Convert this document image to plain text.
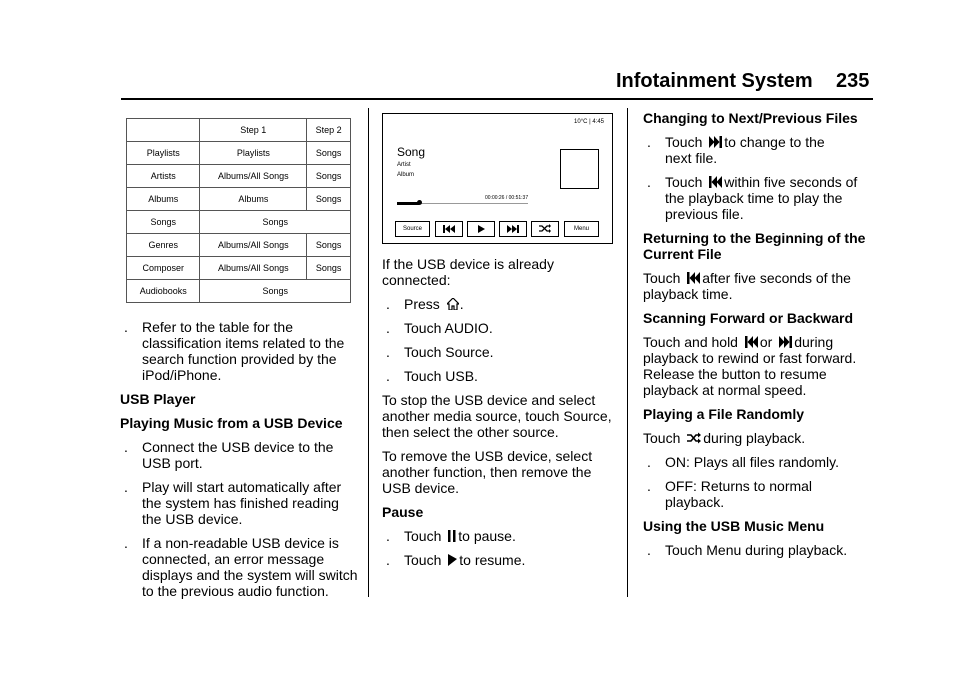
Infotainment System 235
	Step 1	Step 2
Playlists	Playlists	Songs
Artists	Albums/All Songs	Songs
Albums	Albums	Songs
Songs	Songs	
Genres	Albums/All Songs	Songs
Composer	Albums/All Songs	Songs
Audiobooks	Songs	
. Refer to the table for the classification items related to the search function provided by the iPod/iPhone.
USB Player
Playing Music from a USB Device
. Connect the USB device to the USB port.
. Play will start automatically after the system has finished reading the USB device.
. If a non-readable USB device is connected, an error message displays and the system will switch to the previous audio function.
10°C | 4:45
Song
Artist
Album
00:00:26 / 00:51:37
Source	Menu
If the USB device is already connected:
. Press .
. Touch AUDIO.
. Touch Source.
. Touch USB.
To stop the USB device and select another media source, touch Source, then select the other source.
To remove the USB device, select another function, then remove the USB device.
Pause
. Touch to pause.
. Touch to resume.
Changing to Next/Previous Files
. Touch to change to the
next file.
. Touch within five seconds of
the playback time to play the previous file.
Returning to the Beginning of the Current File
Touch after five seconds of the
playback time.
Scanning Forward or Backward
Touch and hold or during
playback to rewind or fast forward. Release the button to resume playback at normal speed.
Playing a File Randomly
Touch during playback.
. ON: Plays all files randomly.
. OFF: Returns to normal playback.
Using the USB Music Menu
. Touch Menu during playback.
